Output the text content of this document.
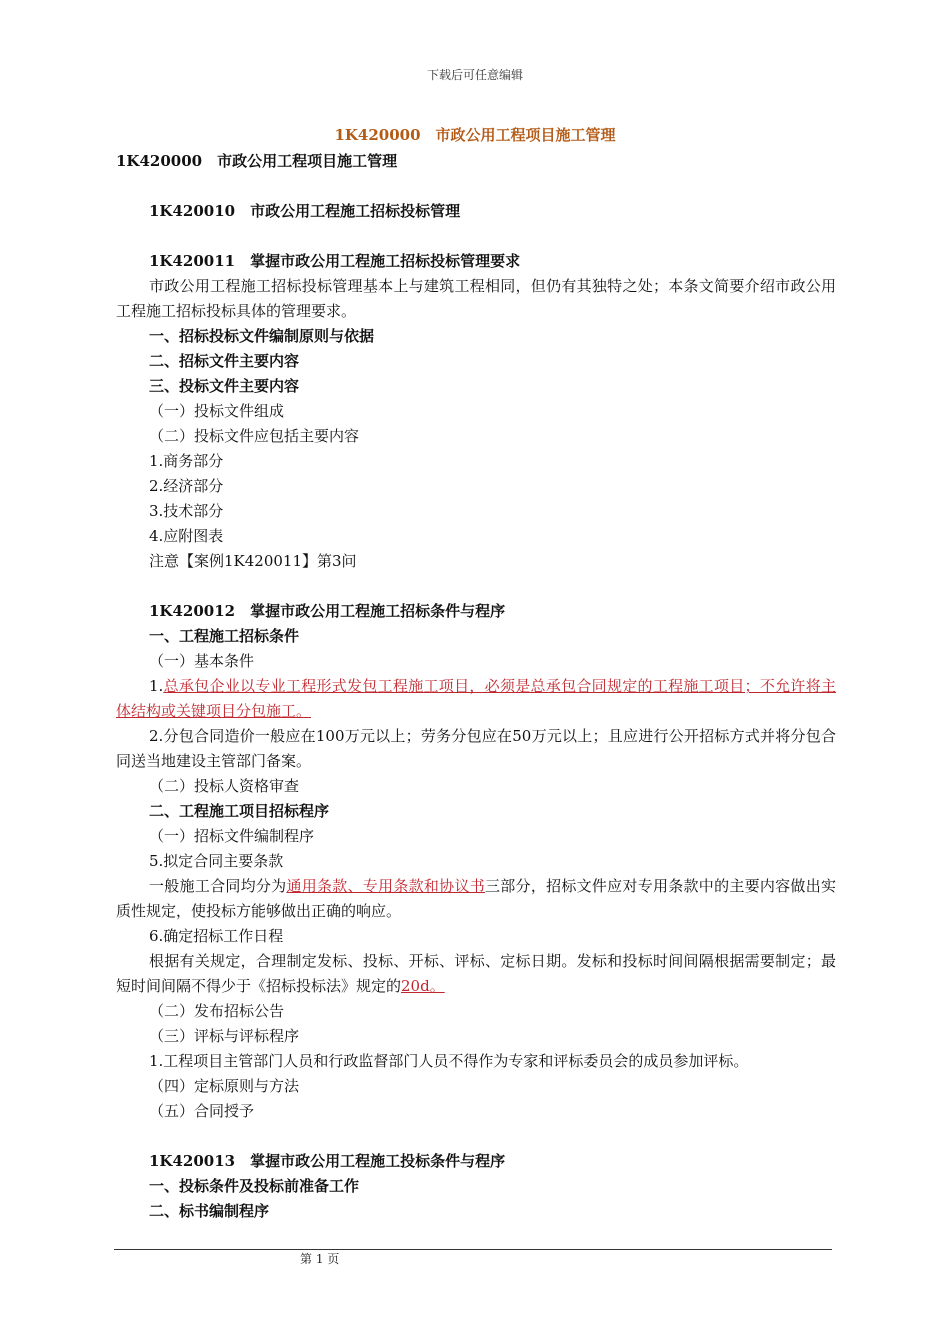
下载后可任意编辑
1K420000　市政公用工程项目施工管理
1K420000　市政公用工程项目施工管理
1K420010　市政公用工程施工招标投标管理
1K420011　掌握市政公用工程施工招标投标管理要求
市政公用工程施工招标投标管理基本上与建筑工程相同，但仍有其独特之处；本条文简要介绍市政公用工程施工招标投标具体的管理要求。
一、招标投标文件编制原则与依据
二、招标文件主要内容
三、投标文件主要内容
（一）投标文件组成
（二）投标文件应包括主要内容
1.商务部分
2.经济部分
3.技术部分
4.应附图表
注意【案例1K420011】第3问
1K420012　掌握市政公用工程施工招标条件与程序
一、工程施工招标条件
（一）基本条件
1.总承包企业以专业工程形式发包工程施工项目，必须是总承包合同规定的工程施工项目；不允许将主体结构或关键项目分包施工。
2.分包合同造价一般应在100万元以上；劳务分包应在50万元以上；且应进行公开招标方式并将分包合同送当地建设主管部门备案。
（二）投标人资格审查
二、工程施工项目招标程序
（一）招标文件编制程序
5.拟定合同主要条款
一般施工合同均分为通用条款、专用条款和协议书三部分，招标文件应对专用条款中的主要内容做出实质性规定，使投标方能够做出正确的响应。
6.确定招标工作日程
根据有关规定，合理制定发标、投标、开标、评标、定标日期。发标和投标时间间隔根据需要制定；最短时间间隔不得少于《招标投标法》规定的20d。
（二）发布招标公告
（三）评标与评标程序
1.工程项目主管部门人员和行政监督部门人员不得作为专家和评标委员会的成员参加评标。
（四）定标原则与方法
（五）合同授予
1K420013　掌握市政公用工程施工投标条件与程序
一、投标条件及投标前准备工作
二、标书编制程序
第 1 页
